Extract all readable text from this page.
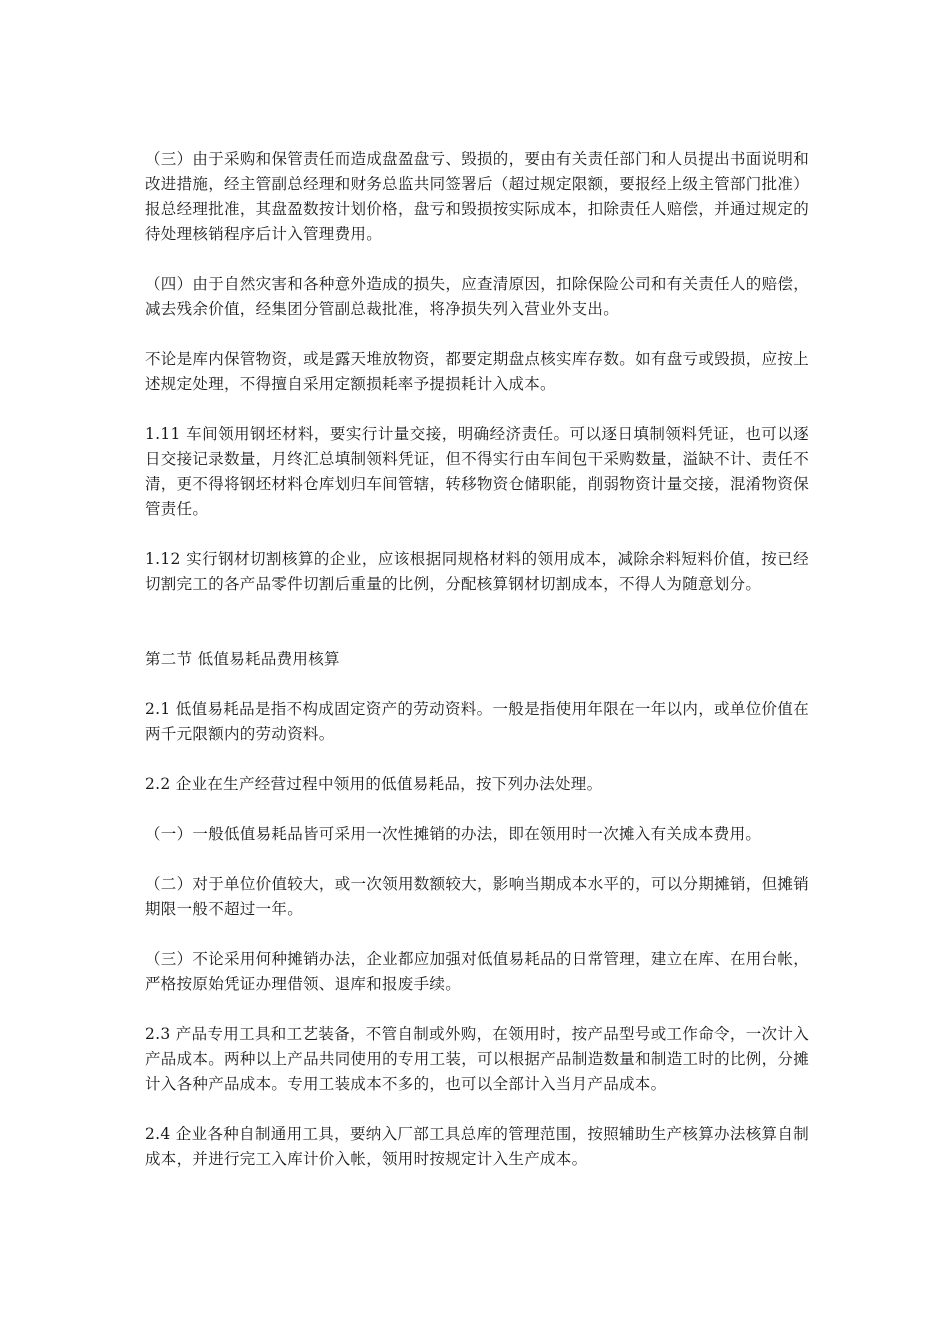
（三）由于采购和保管责任而造成盘盈盘亏、毁损的，要由有关责任部门和人员提出书面说明和改进措施，经主管副总经理和财务总监共同签署后（超过规定限额，要报经上级主管部门批准）报总经理批准，其盘盈数按计划价格，盘亏和毁损按实际成本，扣除责任人赔偿，并通过规定的待处理核销程序后计入管理费用。

（四）由于自然灾害和各种意外造成的损失，应查清原因，扣除保险公司和有关责任人的赔偿，减去残余价值，经集团分管副总裁批准，将净损失列入营业外支出。

不论是库内保管物资，或是露天堆放物资，都要定期盘点核实库存数。如有盘亏或毁损，应按上述规定处理，不得擅自采用定额损耗率予提损耗计入成本。

1.11 车间领用钢坯材料，要实行计量交接，明确经济责任。可以逐日填制领料凭证，也可以逐日交接记录数量，月终汇总填制领料凭证，但不得实行由车间包干采购数量，溢缺不计、责任不清，更不得将钢坯材料仓库划归车间管辖，转移物资仓储职能，削弱物资计量交接，混淆物资保管责任。

1.12 实行钢材切割核算的企业，应该根据同规格材料的领用成本，减除余料短料价值，按已经切割完工的各产品零件切割后重量的比例，分配核算钢材切割成本，不得人为随意划分。

第二节 低值易耗品费用核算

2.1 低值易耗品是指不构成固定资产的劳动资料。一般是指使用年限在一年以内，或单位价值在两千元限额内的劳动资料。

2.2 企业在生产经营过程中领用的低值易耗品，按下列办法处理。

（一）一般低值易耗品皆可采用一次性摊销的办法，即在领用时一次摊入有关成本费用。

（二）对于单位价值较大，或一次领用数额较大，影响当期成本水平的，可以分期摊销，但摊销期限一般不超过一年。

（三）不论采用何种摊销办法，企业都应加强对低值易耗品的日常管理，建立在库、在用台帐，严格按原始凭证办理借领、退库和报废手续。

2.3 产品专用工具和工艺装备，不管自制或外购，在领用时，按产品型号或工作命令，一次计入产品成本。两种以上产品共同使用的专用工装，可以根据产品制造数量和制造工时的比例，分摊计入各种产品成本。专用工装成本不多的，也可以全部计入当月产品成本。

2.4 企业各种自制通用工具，要纳入厂部工具总库的管理范围，按照辅助生产核算办法核算自制成本，并进行完工入库计价入帐，领用时按规定计入生产成本。
